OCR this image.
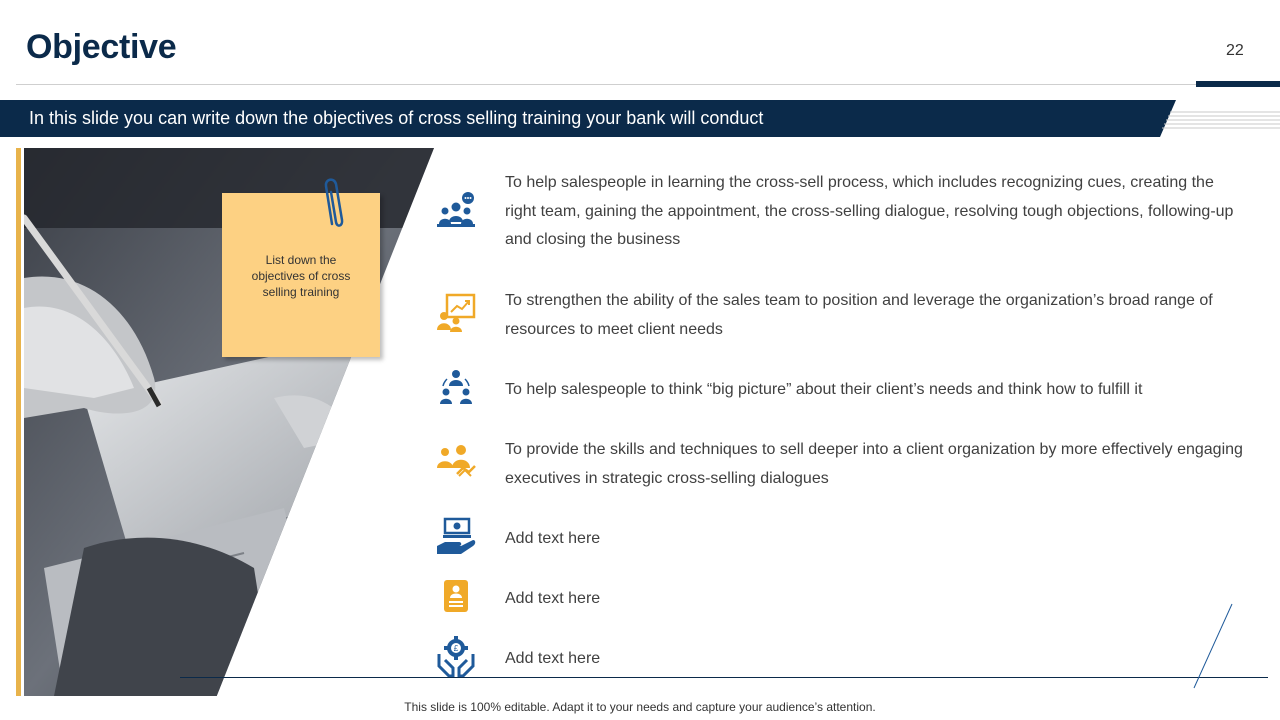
Objective	22
In this slide you can write down the objectives of cross selling training your bank will conduct
List down the objectives of cross selling training
To help salespeople in learning the cross-sell process, which includes recognizing cues, creating the right team, gaining the appointment, the cross-selling dialogue, resolving tough objections, following-up and closing the business
To strengthen the ability of the sales team to position and leverage the organization’s broad range of resources to meet client needs
To help salespeople to think “big picture” about their client’s needs and think how to fulfill it
To provide the skills and techniques to sell deeper into a client organization by more effectively engaging executives in strategic cross-selling dialogues
Add text here
Add text here
£
Add text here
This slide is 100% editable. Adapt it to your needs and capture your audience’s attention.
